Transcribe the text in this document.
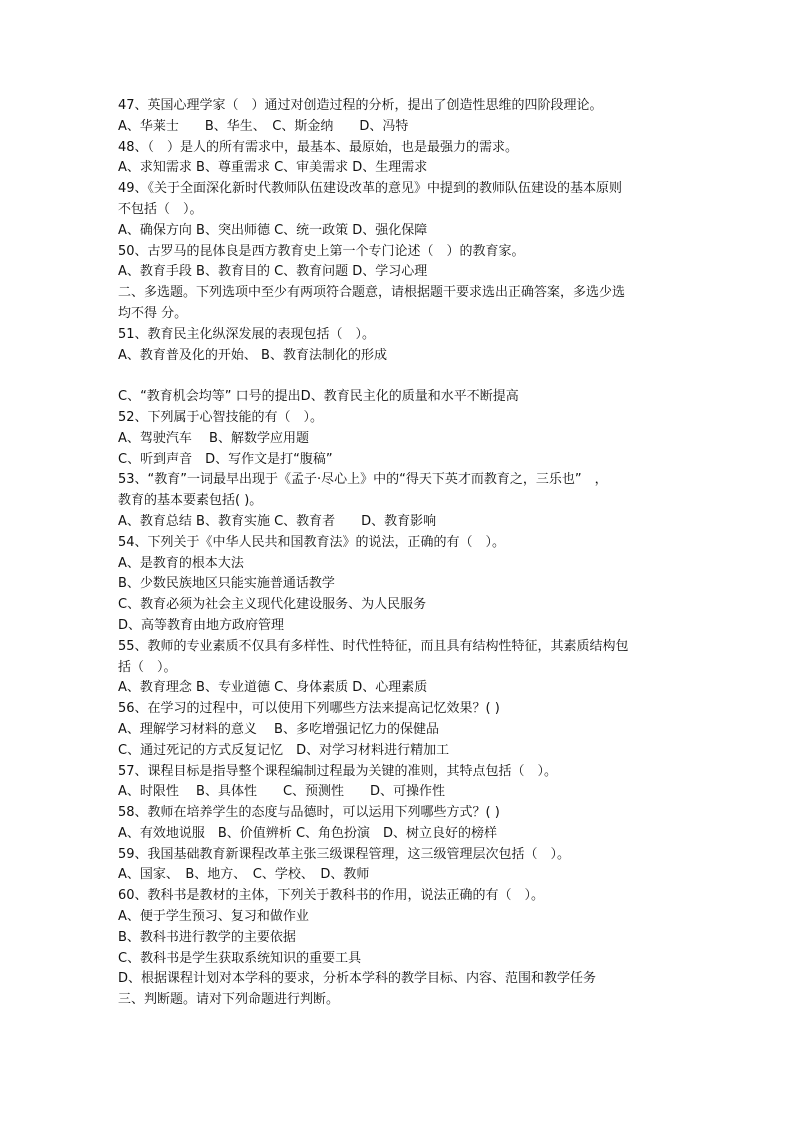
47、英国心理学家（　）通过对创造过程的分析，提出了创造性思维的四阶段理论。
A、华莱士　　B、华生、　C、斯金纳　　D、冯特
48、（　）是人的所有需求中，最基本、最原始，也是最强力的需求。
A、求知需求 B、尊重需求 C、审美需求 D、生理需求
49、《关于全面深化新时代教师队伍建设改革的意见》中提到的教师队伍建设的基本原则
不包括（　）。
A、确保方向 B、突出师德 C、统一政策 D、强化保障
50、古罗马的昆体良是西方教育史上第一个专门论述（　）的教育家。
A、教育手段 B、教育目的 C、教育问题 D、学习心理
二、多选题。下列选项中至少有两项符合题意，请根据题干要求选出正确答案，多选少选
均不得 分。
51、教育民主化纵深发展的表现包括（　）。
A、教育普及化的开始、 B、教育法制化的形成
C、“教育机会均等” 口号的提出D、教育民主化的质量和水平不断提高
52、下列属于心智技能的有（　）。
A、驾驶汽车　 B、解数学应用题
C、听到声音　D、写作文是打“腹稿”
53、“教育”一词最早出现于《孟子·尽心上》中的“得天下英才而教育之，三乐也”　，
教育的基本要素包括( )。
A、教育总结 B、教育实施 C、教育者　　D、教育影响
54、下列关于《中华人民共和国教育法》的说法，正确的有（　）。
A、是教育的根本大法
B、少数民族地区只能实施普通话教学
C、教育必须为社会主义现代化建设服务、为人民服务
D、高等教育由地方政府管理
55、教师的专业素质不仅具有多样性、时代性特征，而且具有结构性特征，其素质结构包
括（　）。
A、教育理念 B、专业道德 C、身体素质 D、心理素质
56、在学习的过程中，可以使用下列哪些方法来提高记忆效果？( )
A、理解学习材料的意义　 B、多吃增强记忆力的保健品
C、通过死记的方式反复记忆　D、对学习材料进行精加工
57、课程目标是指导整个课程编制过程最为关键的准则，其特点包括（　）。
A、时限性　 B、具体性　　C、预测性　　D、可操作性
58、教师在培养学生的态度与品德时，可以运用下列哪些方式？( )
A、有效地说服　B、价值辨析 C、角色扮演　D、树立良好的榜样
59、我国基础教育新课程改革主张三级课程管理，这三级管理层次包括（　）。
A、国家、　B、地方、　C、学校、　D、教师
60、教科书是教材的主体，下列关于教科书的作用，说法正确的有（　）。
A、便于学生预习、复习和做作业
B、教科书进行教学的主要依据
C、教科书是学生获取系统知识的重要工具
D、根据课程计划对本学科的要求，分析本学科的教学目标、内容、范围和教学任务
三、判断题。请对下列命题进行判断。
